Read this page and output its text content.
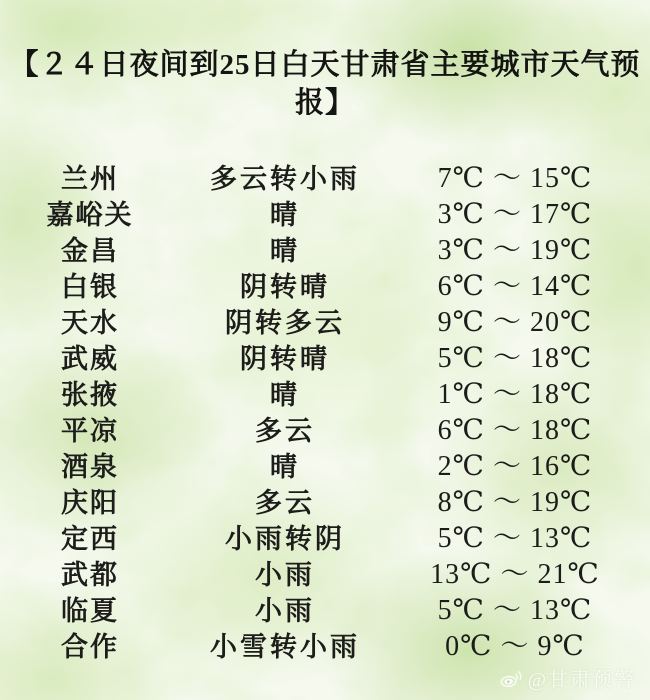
【２４日夜间到25日白天甘肃省主要城市天气预报】
兰州	多云转小雨	7℃ ～ 15℃
嘉峪关	晴	3℃ ～ 17℃
金昌	晴	3℃ ～ 19℃
白银	阴转晴	6℃ ～ 14℃
天水	阴转多云	9℃ ～ 20℃
武威	阴转晴	5℃ ～ 18℃
张掖	晴	1℃ ～ 18℃
平凉	多云	6℃ ～ 18℃
酒泉	晴	2℃ ～ 16℃
庆阳	多云	8℃ ～ 19℃
定西	小雨转阴	5℃ ～ 13℃
武都	小雨	13℃ ～ 21℃
临夏	小雨	5℃ ～ 13℃
合作	小雪转小雨	0℃ ～ 9℃
@甘肃预警
